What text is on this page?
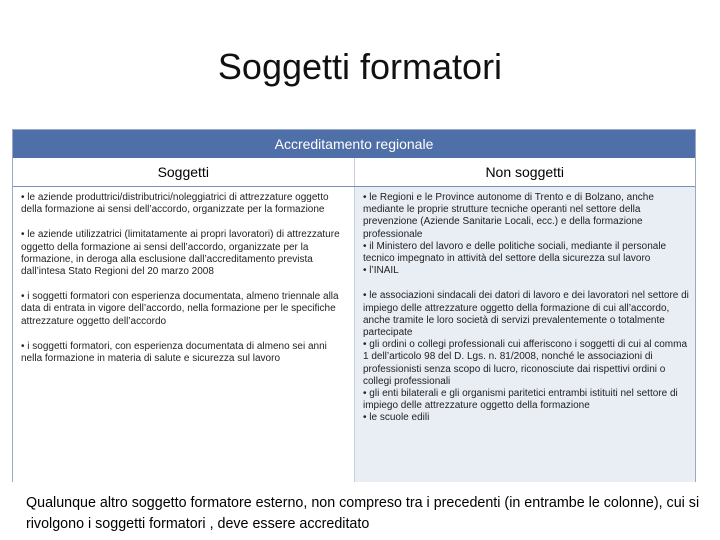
Soggetti formatori
Accreditamento regionale
Soggetti	Non soggetti

• le aziende produttrici/distributrici/noleggiatrici di attrezzature oggetto della formazione ai sensi dell’accordo, organizzate per la formazione

• le aziende utilizzatrici (limitatamente ai propri lavoratori) di attrezzature oggetto della formazione ai sensi dell’accordo, organizzate per la formazione, in deroga alla esclusione dall’accreditamento prevista dall’intesa Stato Regioni del 20 marzo 2008

• i soggetti formatori con esperienza documentata, almeno triennale alla data di entrata in vigore dell’accordo, nella formazione per le specifiche attrezzature oggetto dell’accordo

• i soggetti formatori, con esperienza documentata di almeno sei anni nella formazione in materia di salute e sicurezza sul lavoro

• le Regioni e le Province autonome di Trento e di Bolzano, anche mediante le proprie strutture tecniche operanti nel settore della prevenzione (Aziende Sanitarie Locali, ecc.) e della formazione professionale

• il Ministero del lavoro e delle politiche sociali, mediante il personale tecnico impegnato in attività del settore della sicurezza sul lavoro

• l’INAIL

• le associazioni sindacali dei datori di lavoro e dei lavoratori nel settore di impiego delle attrezzature oggetto della formazione di cui all’accordo, anche tramite le loro società di servizi prevalentemente o totalmente partecipate

• gli ordini o collegi professionali cui afferiscono i soggetti di cui al comma 1 dell’articolo 98 del D. Lgs. n. 81/2008, nonché le associazioni di professionisti senza scopo di lucro, riconosciute dai rispettivi ordini o collegi professionali

• gli enti bilaterali e gli organismi paritetici entrambi istituiti nel settore di impiego delle attrezzature oggetto della formazione

• le scuole edili

Qualunque altro soggetto formatore esterno, non compreso tra i precedenti (in entrambe le colonne), cui si rivolgono i soggetti formatori , deve essere accreditato
